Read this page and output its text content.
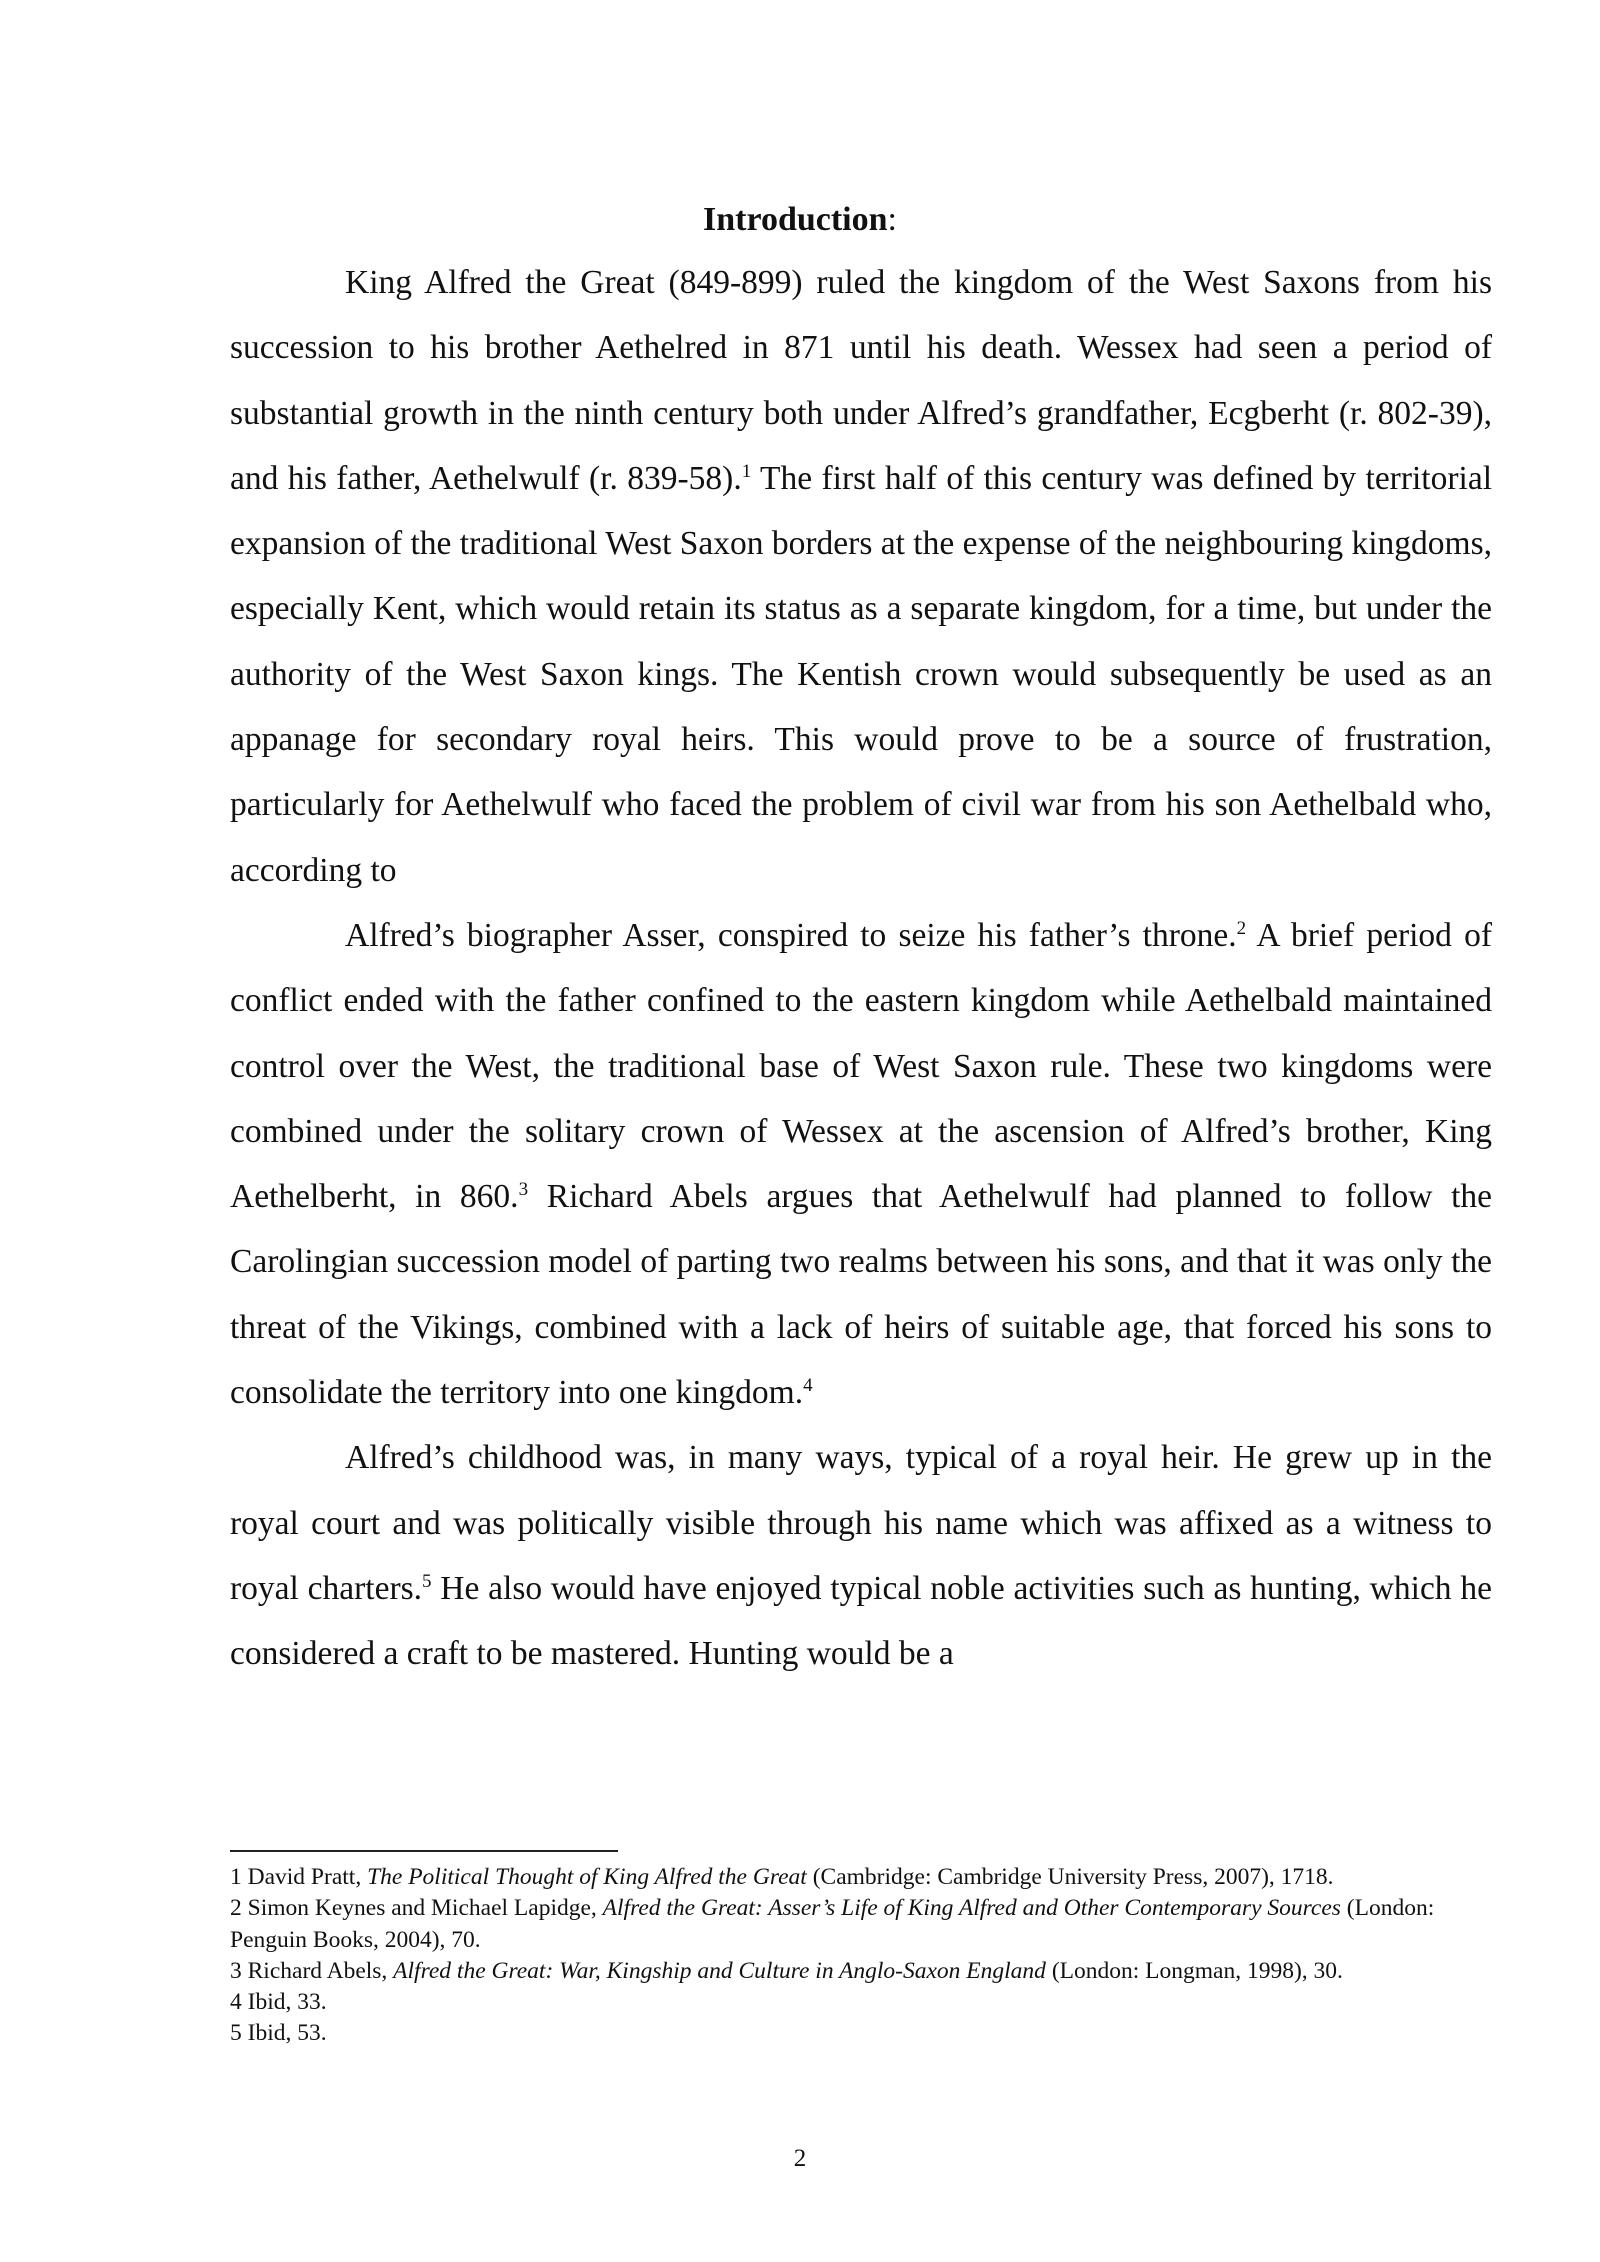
Introduction:

King Alfred the Great (849-899) ruled the kingdom of the West Saxons from his succession to his brother Aethelred in 871 until his death. Wessex had seen a period of substantial growth in the ninth century both under Alfred’s grandfather, Ecgberht (r. 802-39), and his father, Aethelwulf (r. 839-58).$^1$ The first half of this century was defined by territorial expansion of the traditional West Saxon borders at the expense of the neighbouring kingdoms, especially Kent, which would retain its status as a separate kingdom, for a time, but under the authority of the West Saxon kings. The Kentish crown would subsequently be used as an appanage for secondary royal heirs. This would prove to be a source of frustration, particularly for Aethelwulf who faced the problem of civil war from his son Aethelbald who, according to

Alfred’s biographer Asser, conspired to seize his father’s throne.$^2$ A brief period of conflict ended with the father confined to the eastern kingdom while Aethelbald maintained control over the West, the traditional base of West Saxon rule. These two kingdoms were combined under the solitary crown of Wessex at the ascension of Alfred’s brother, King Aethelberht, in 860.$^3$ Richard Abels argues that Aethelwulf had planned to follow the Carolingian succession model of parting two realms between his sons, and that it was only the threat of the Vikings, combined with a lack of heirs of suitable age, that forced his sons to consolidate the territory into one kingdom.$^4$

Alfred’s childhood was, in many ways, typical of a royal heir. He grew up in the royal court and was politically visible through his name which was affixed as a witness to royal charters.$^5$ He also would have enjoyed typical noble activities such as hunting, which he considered a craft to be mastered. Hunting would be a

1 David Pratt, The Political Thought of King Alfred the Great (Cambridge: Cambridge University Press, 2007), 1718.

2 Simon Keynes and Michael Lapidge, Alfred the Great: Asser’s Life of King Alfred and Other Contemporary Sources (London: Penguin Books, 2004), 70.

3 Richard Abels, Alfred the Great: War, Kingship and Culture in Anglo-Saxon England (London: Longman, 1998), 30.

4 Ibid, 33.

5 Ibid, 53.

2
